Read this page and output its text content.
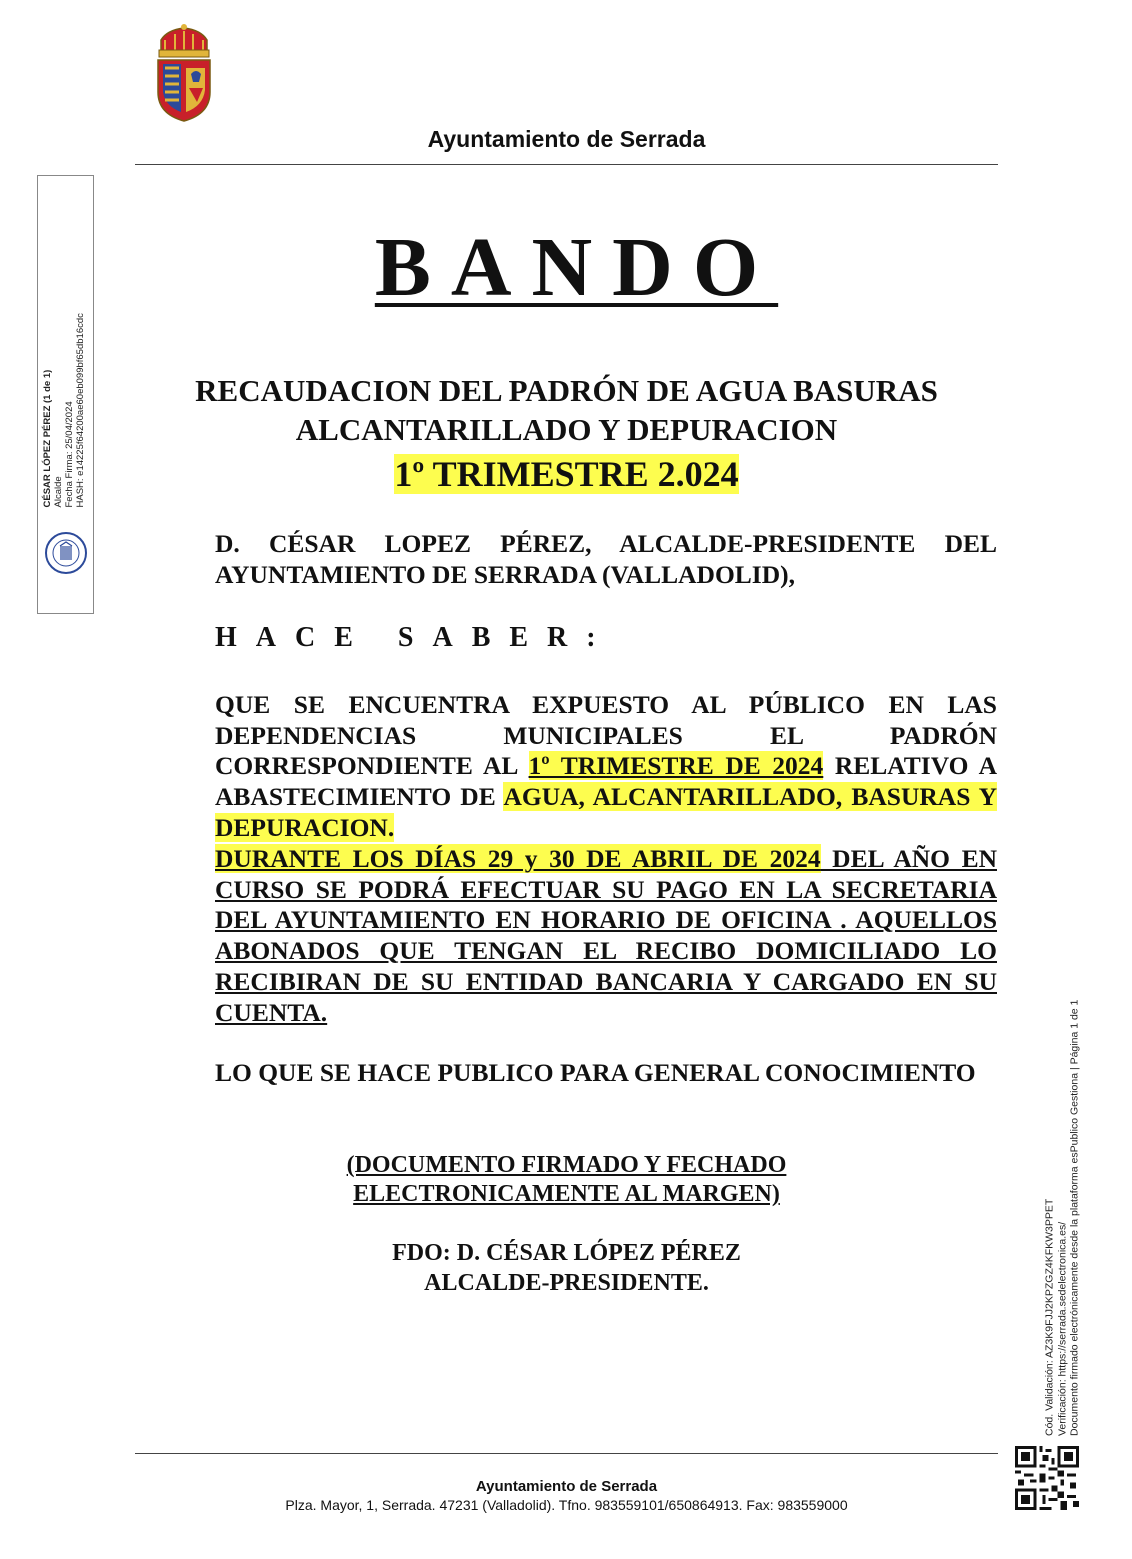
Ayuntamiento de Serrada
CÉSAR LÓPEZ PÉREZ (1 de 1) Alcalde Fecha Firma: 25/04/2024 HASH: e14225f64200ae60eb099bf65db16cdc
BANDO
RECAUDACION DEL PADRÓN DE AGUA BASURAS
ALCANTARILLADO Y DEPURACION
1º TRIMESTRE 2.024
D. CÉSAR LOPEZ PÉREZ, ALCALDE-PRESIDENTE DEL AYUNTAMIENTO DE SERRADA (VALLADOLID),
HACE SABER:
QUE SE ENCUENTRA EXPUESTO AL PÚBLICO EN LAS DEPENDENCIAS MUNICIPALES EL PADRÓN CORRESPONDIENTE AL 1º TRIMESTRE DE 2024 RELATIVO A ABASTECIMIENTO DE AGUA, ALCANTARILLADO, BASURAS Y DEPURACION.
DURANTE LOS DÍAS 29 y 30 DE ABRIL DE 2024 DEL AÑO EN CURSO SE PODRÁ EFECTUAR SU PAGO EN LA SECRETARIA DEL AYUNTAMIENTO EN HORARIO DE OFICINA . AQUELLOS ABONADOS QUE TENGAN EL RECIBO DOMICILIADO LO RECIBIRAN DE SU ENTIDAD BANCARIA Y CARGADO EN SU CUENTA.
LO QUE SE HACE PUBLICO PARA GENERAL CONOCIMIENTO
(DOCUMENTO FIRMADO Y FECHADO
ELECTRONICAMENTE AL MARGEN)
FDO: D. CÉSAR LÓPEZ PÉREZ
ALCALDE-PRESIDENTE.	Cód. Validación: AZ3K9FJJ2KPZGZ4KFKW3PPET Verificación: https://serrada.sedelectronica.es/ Documento firmado electrónicamente desde la plataforma esPublico Gestiona | Página 1 de 1
Ayuntamiento de Serrada
Plza. Mayor, 1, Serrada. 47231 (Valladolid). Tfno. 983559101/650864913. Fax: 983559000
